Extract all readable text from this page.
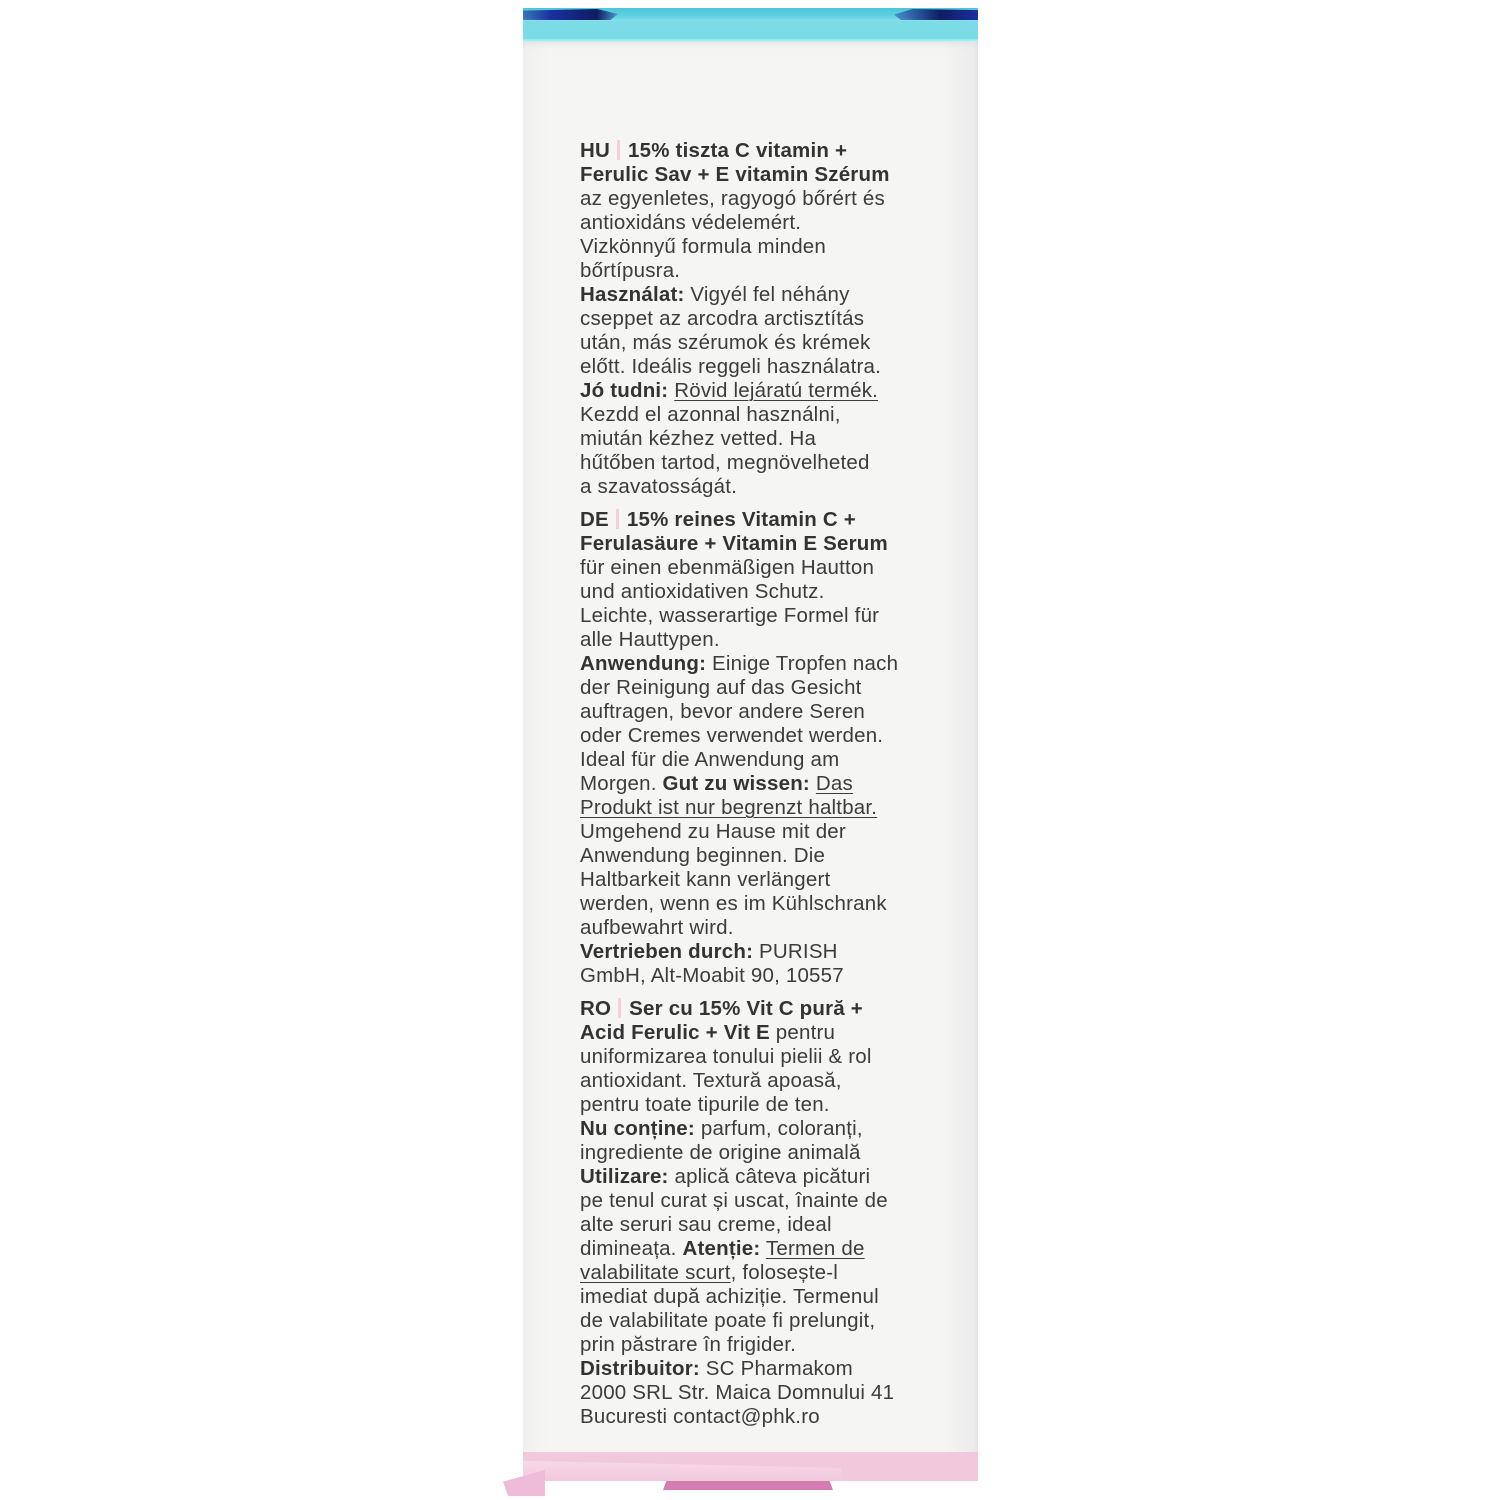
HU 15% tiszta C vitamin +
Ferulic Sav + E vitamin Szérum
az egyenletes, ragyogó bőrért és
antioxidáns védelemért.
Vizkönnyű formula minden
bőrtípusra.
Használat: Vigyél fel néhány
cseppet az arcodra arctisztítás
után, más szérumok és krémek
előtt. Ideális reggeli használatra.
Jó tudni: Rövid lejáratú termék.
Kezdd el azonnal használni,
miután kézhez vetted. Ha
hűtőben tartod, megnövelheted
a szavatosságát.
DE 15% reines Vitamin C +
Ferulasäure + Vitamin E Serum
für einen ebenmäßigen Hautton
und antioxidativen Schutz.
Leichte, wasserartige Formel für
alle Hauttypen.
Anwendung: Einige Tropfen nach
der Reinigung auf das Gesicht
auftragen, bevor andere Seren
oder Cremes verwendet werden.
Ideal für die Anwendung am
Morgen. Gut zu wissen: Das
Produkt ist nur begrenzt haltbar.
Umgehend zu Hause mit der
Anwendung beginnen. Die
Haltbarkeit kann verlängert
werden, wenn es im Kühlschrank
aufbewahrt wird.
Vertrieben durch: PURISH
GmbH, Alt-Moabit 90, 10557
RO Ser cu 15% Vit C pură +
Acid Ferulic + Vit E pentru
uniformizarea tonului pielii & rol
antioxidant. Textură apoasă,
pentru toate tipurile de ten.
Nu conține: parfum, coloranți,
ingrediente de origine animală
Utilizare: aplică câteva picături
pe tenul curat și uscat, înainte de
alte seruri sau creme, ideal
dimineața. Atenție: Termen de
valabilitate scurt, folosește-l
imediat după achiziție. Termenul
de valabilitate poate fi prelungit,
prin păstrare în frigider.
Distribuitor: SC Pharmakom
2000 SRL Str. Maica Domnului 41
Bucuresti contact@phk.ro
